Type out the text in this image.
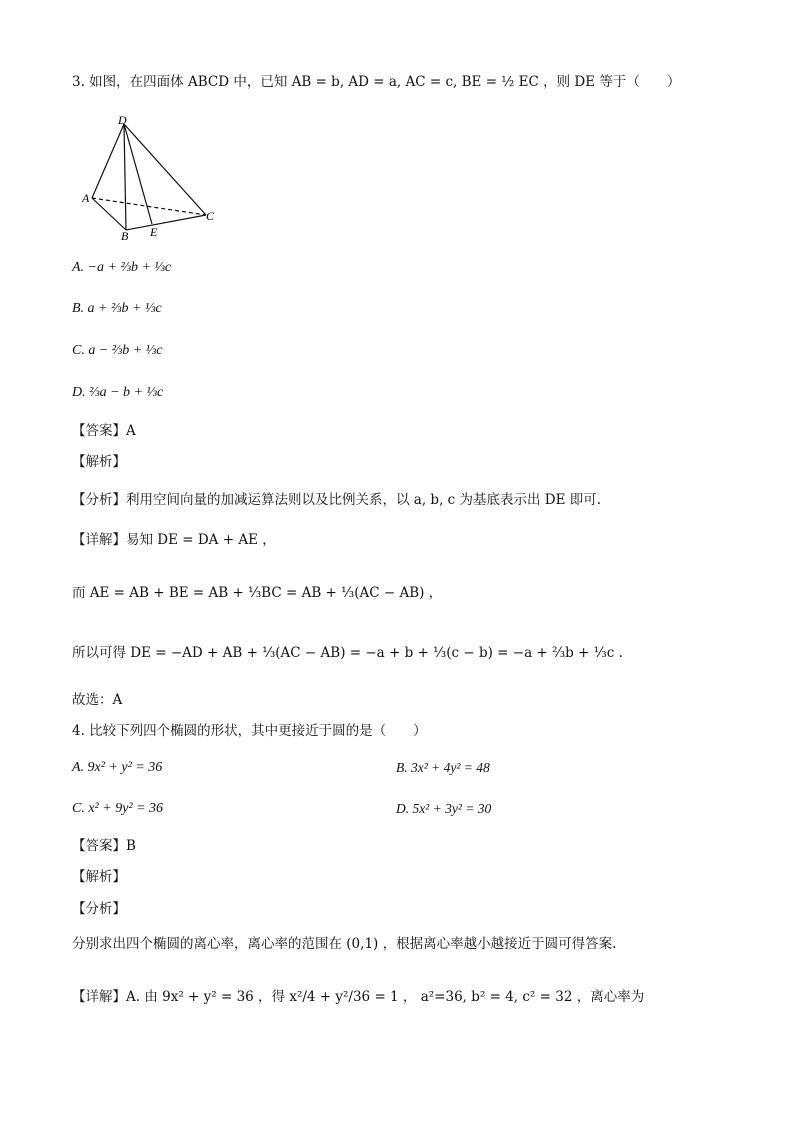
3. 如图，在四面体 ABCD 中，已知 AB = b, AD = a, AC = c, BE = ½ EC ，则 DE 等于（　　）
D
A
B E
C
A. −a + ⅔b + ⅓c
B. a + ⅔b + ⅓c
C. a − ⅔b + ⅓c
D. ⅔a − b + ⅓c
【答案】A
【解析】
【分析】利用空间向量的加减运算法则以及比例关系，以 a, b, c 为基底表示出 DE 即可.
【详解】易知 DE = DA + AE ，
而 AE = AB + BE = AB + ⅓BC = AB + ⅓(AC − AB) ，
所以可得 DE = −AD + AB + ⅓(AC − AB) = −a + b + ⅓(c − b) = −a + ⅔b + ⅓c .
故选：A
4. 比较下列四个椭圆的形状，其中更接近于圆的是（　　）
A. 9x² + y² = 36	B. 3x² + 4y² = 48
C. x² + 9y² = 36	D. 5x² + 3y² = 30
【答案】B
【解析】
【分析】
分别求出四个椭圆的离心率，离心率的范围在 (0,1) ，根据离心率越小越接近于圆可得答案.
【详解】A. 由 9x² + y² = 36 ，得 x²/4 + y²/36 = 1 ， a²=36, b² = 4, c² = 32 ，离心率为
